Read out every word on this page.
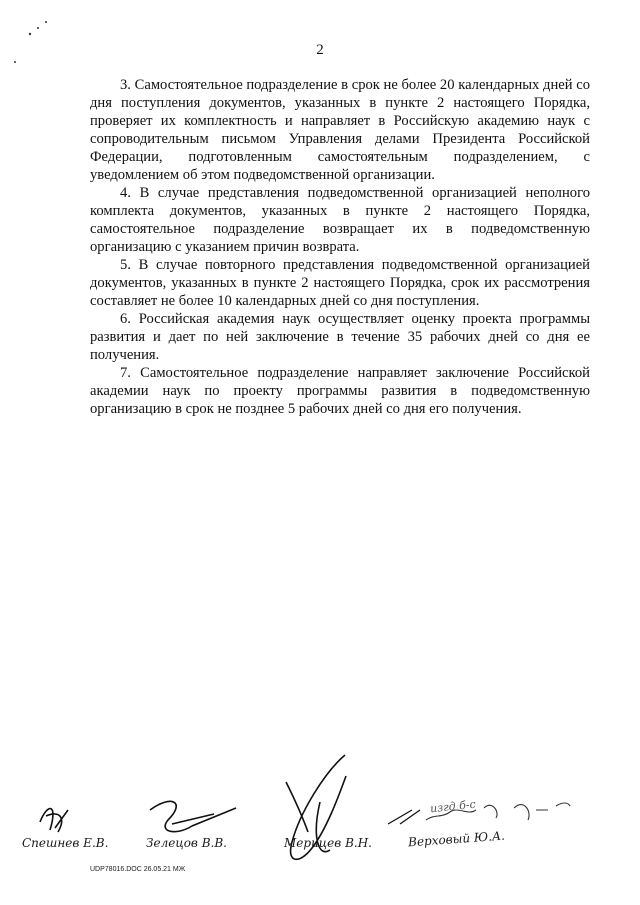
2

3. Самостоятельное подразделение в срок не более 20 календарных дней со дня поступления документов, указанных в пункте 2 настоящего Порядка, проверяет их комплектность и направляет в Российскую академию наук с сопроводительным письмом Управления делами Президента Российской Федерации, подготовленным самостоятельным подразделением, с уведомлением об этом подведомственной организации.

4. В случае представления подведомственной организацией неполного комплекта документов, указанных в пункте 2 настоящего Порядка, самостоятельное подразделение возвращает их в подведомственную организацию с указанием причин возврата.

5. В случае повторного представления подведомственной организацией документов, указанных в пункте 2 настоящего Порядка, срок их рассмотрения составляет не более 10 календарных дней со дня поступления.

6. Российская академия наук осуществляет оценку проекта программы развития и дает по ней заключение в течение 35 рабочих дней со дня ее получения.

7. Самостоятельное подразделение направляет заключение Российской академии наук по проекту программы развития в подведомственную организацию в срок не позднее 5 рабочих дней со дня его получения.

Спешнев Е.В.	Зелецов В.В.	Мерицев В.Н.	Верховый Ю.А.
изгд б-с
UDP78016.DOC 26.05.21 МЖ
